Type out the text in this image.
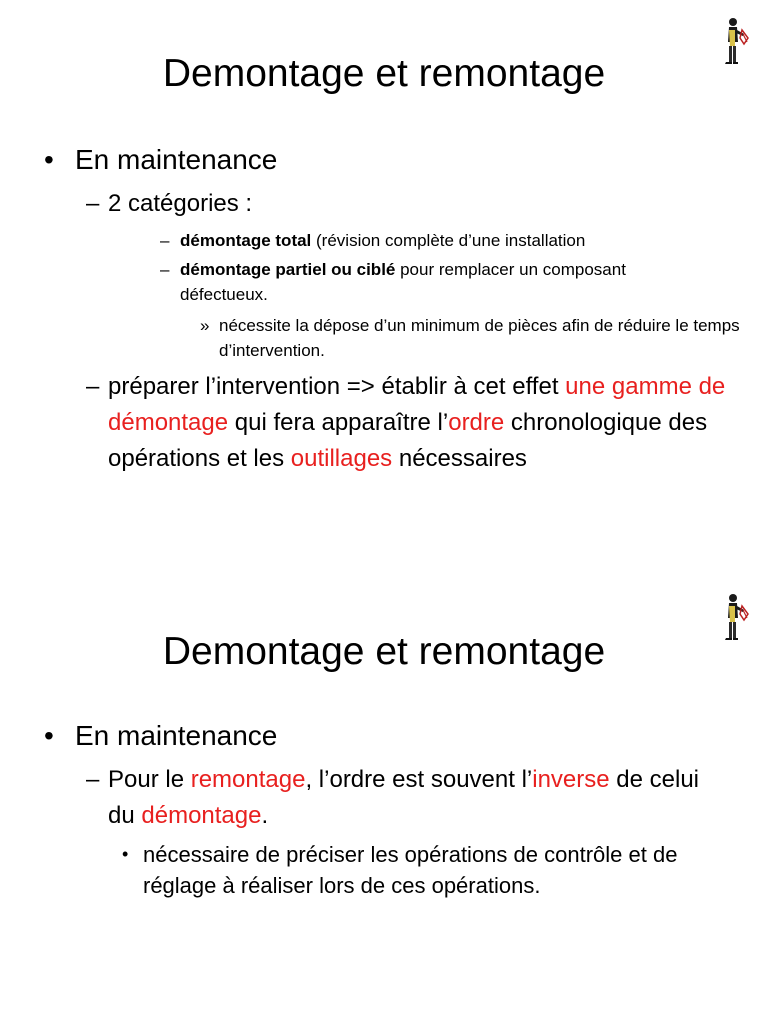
Demontage et remontage
• En maintenance
– 2 catégories :
– démontage total (révision complète d’une installation
– démontage partiel ou ciblé pour remplacer un composant défectueux.
» nécessite la dépose d’un minimum de pièces afin de réduire le temps d’intervention.
– préparer l’intervention => établir à cet effet une gamme de démontage qui fera apparaître l’ordre chronologique des opérations et les outillages nécessaires
Demontage et remontage
• En maintenance
– Pour le remontage, l’ordre est souvent l’inverse de celui du démontage.
• nécessaire de préciser les opérations de contrôle et de réglage à réaliser lors de ces opérations.
